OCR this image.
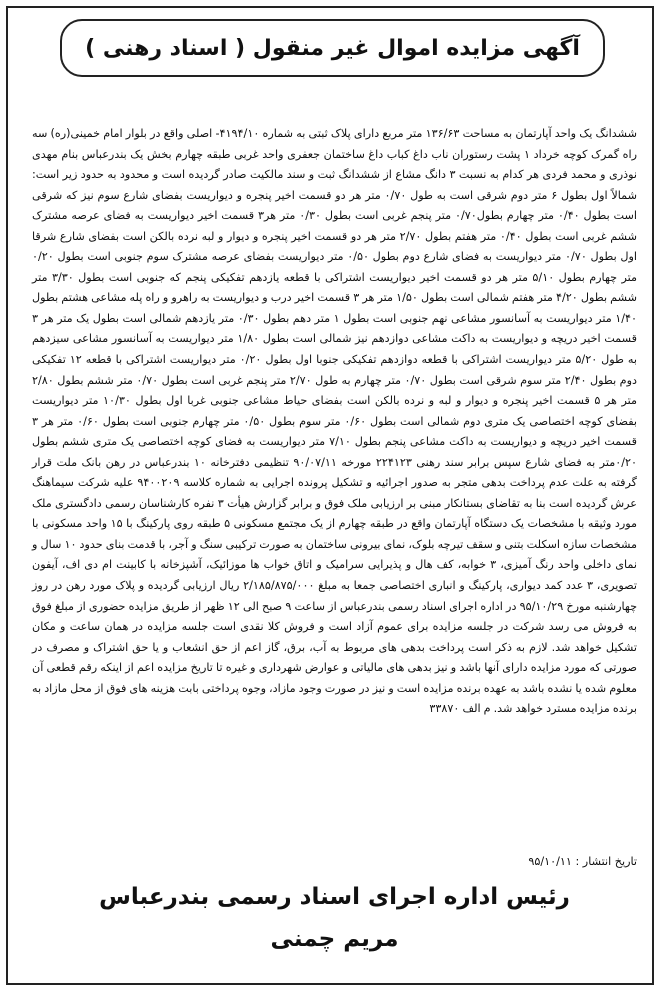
آگهی مزایده اموال غیر منقول ( اسناد رهنی )
ششدانگ یک واحد آپارتمان به مساحت ۱۳۶/۶۳ متر مربع دارای پلاک ثبتی به شماره ۴۱۹۴/۱۰- اصلی واقع در بلوار امام خمینی(ره) سه راه گمرک کوچه خرداد ۱ پشت رستوران ناب داغ کباب داغ ساختمان جعفری واحد غربی طبقه چهارم بخش یک بندرعباس بنام مهدی نوذری و محمد فردی هر کدام به نسبت ۳ دانگ مشاع از ششدانگ ثبت و سند مالکیت صادر گردیده است و محدود به حدود زیر است: شمالاً اول بطول ۶ متر دوم شرقی است به طول ۰/۷۰ متر هر دو قسمت اخیر پنجره و دیواریست بفضای شارع سوم نیز که شرقی است بطول ۰/۴۰ متر چهارم بطول۰/۷۰ متر پنجم غربی است بطول ۰/۳۰ متر هر۳ قسمت اخیر دیواریست به فضای عرصه مشترک ششم غربی است بطول ۰/۴۰ متر هفتم بطول ۲/۷۰ متر هر دو قسمت اخیر پنجره و دیوار و لبه نرده بالکن است بفضای شارع شرقا اول بطول ۰/۷۰ متر دیواریست به فضای شارع دوم بطول ۰/۵۰ متر دیواریست بفضای عرصه مشترک سوم جنوبی است بطول ۰/۲۰ متر چهارم بطول ۵/۱۰ متر هر دو قسمت اخیر دیواریست اشتراکی با قطعه یازدهم تفکیکی پنجم که جنوبی است بطول ۳/۳۰ متر ششم بطول ۴/۲۰ متر هفتم شمالی است بطول ۱/۵۰ متر هر ۳ قسمت اخیر درب و دیواریست به راهرو و راه پله مشاعی هشتم بطول ۱/۴۰ متر دیواریست به آسانسور مشاعی نهم جنوبی است بطول ۱ متر دهم بطول ۰/۳۰ متر یازدهم شمالی است بطول یک متر هر ۳ قسمت اخیر دریچه و دیواریست به داکت مشاعی دوازدهم نیز شمالی است بطول ۱/۸۰ متر دیواریست به آسانسور مشاعی سیزدهم به طول ۵/۲۰ متر دیواریست اشتراکی با قطعه دوازدهم تفکیکی جنوبا اول بطول ۰/۲۰ متر دیواریست اشتراکی با قطعه ۱۲ تفکیکی دوم بطول ۲/۴۰ متر سوم شرقی است بطول ۰/۷۰ متر چهارم به طول ۲/۷۰ متر پنجم غربی است بطول ۰/۷۰ متر ششم بطول ۲/۸۰ متر هر ۵ قسمت اخیر پنجره و دیوار و لبه و نرده بالکن است بفضای حیاط مشاعی جنوبی غربا اول بطول ۱۰/۳۰ متر دیواریست بفضای کوچه اختصاصی یک متری دوم شمالی است بطول ۰/۶۰ متر سوم بطول ۰/۵۰ متر چهارم جنوبی است بطول ۰/۶۰ متر هر ۳ قسمت اخیر دریچه و دیواریست به داکت مشاعی پنجم بطول ۷/۱۰ متر دیواریست به فضای کوچه اختصاصی یک متری ششم بطول ۰/۲۰متر به فضای شارع سپس برابر سند رهنی ۲۲۴۱۲۳ مورخه ۹۰/۰۷/۱۱ تنظیمی دفترخانه ۱۰ بندرعباس در رهن بانک ملت قرار گرفته به علت عدم پرداخت بدهی متجر به صدور اجرائیه و تشکیل پرونده اجرایی به شماره کلاسه ۹۴۰۰۲۰۹ علیه شرکت سیماهنگ عرش گردیده است بنا به تقاضای بستانکار مبنی بر ارزیابی ملک فوق و برابر گزارش هیأت ۳ نفره کارشناسان رسمی دادگستری ملک مورد وثیقه با مشخصات یک دستگاه آپارتمان واقع در طبقه چهارم از یک مجتمع مسکونی ۵ طبقه روی پارکینگ با ۱۵ واحد مسکونی با مشخصات سازه اسکلت بتنی و سقف تیرچه بلوک، نمای بیرونی ساختمان به صورت ترکیبی سنگ و آجر، با قدمت بنای حدود ۱۰ سال و نمای داخلی واحد رنگ آمیزی، ۳ خوابه، کف هال و پذیرایی سرامیک و اتاق خواب ها موزائیک، آشپزخانه با کابینت ام دی اف، آیفون تصویری، ۳ عدد کمد دیواری، پارکینگ و انباری اختصاصی جمعا به مبلغ ۲/۱۸۵/۸۷۵/۰۰۰ ریال ارزیابی گردیده و پلاک مورد رهن در روز چهارشنبه مورخ ۹۵/۱۰/۲۹ در اداره اجرای اسناد رسمی بندرعباس از ساعت ۹ صبح الی ۱۲ ظهر از طریق مزایده حضوری از مبلغ فوق به فروش می رسد شرکت در جلسه مزایده برای عموم آزاد است و فروش کلا نقدی است جلسه مزایده در همان ساعت و مکان تشکیل خواهد شد. لازم به ذکر است پرداخت بدهی های مربوط به آب، برق، گاز اعم از حق انشعاب و یا حق اشتراک و مصرف در صورتی که مورد مزایده دارای آنها باشد و نیز بدهی های مالیاتی و عوارض شهرداری و غیره تا تاریخ مزایده اعم از اینکه رقم قطعی آن معلوم شده یا نشده باشد به عهده برنده مزایده است و نیز در صورت وجود مازاد، وجوه پرداختی بابت هزینه های فوق از محل مازاد به برنده مزایده مسترد خواهد شد. م الف ۳۳۸۷۰
تاریخ انتشار : ۹۵/۱۰/۱۱
رئیس اداره اجرای اسناد رسمی بندرعباس
مریم چمنی
